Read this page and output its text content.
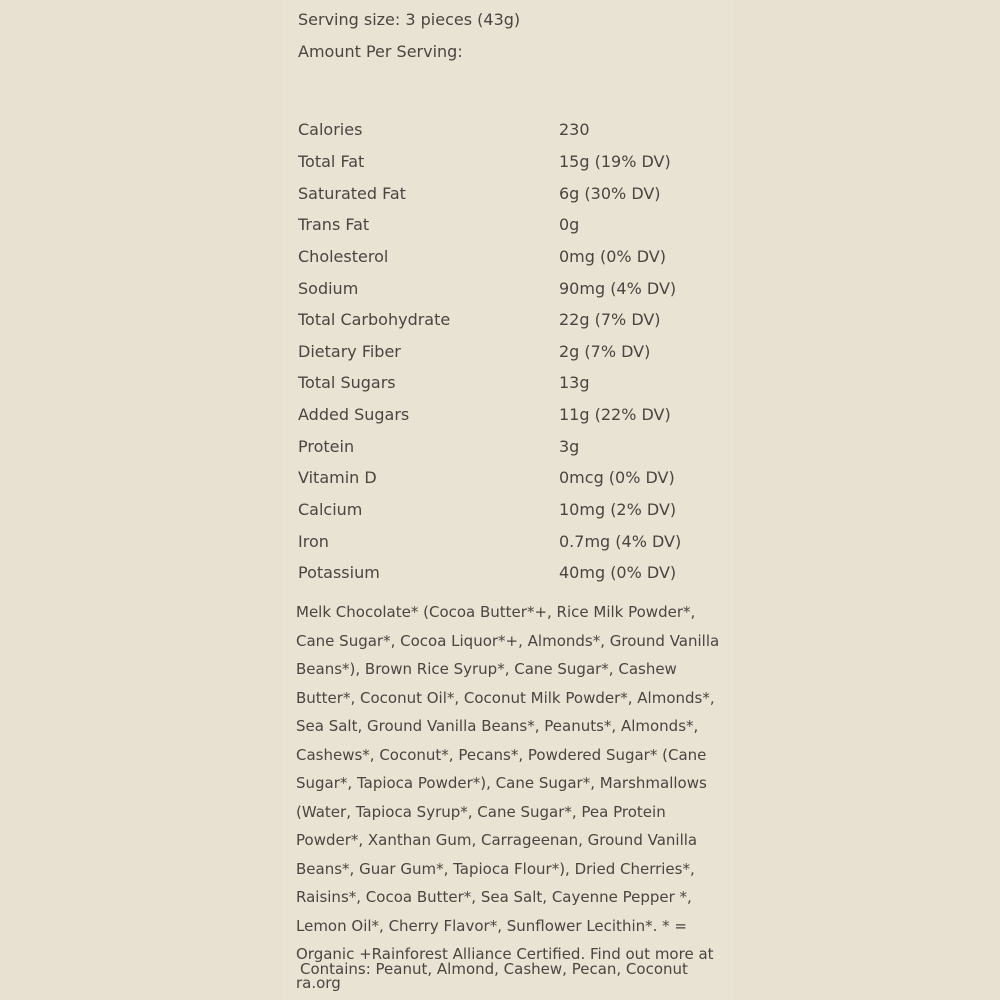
Serving size: 3 pieces (43g)
Amount Per Serving:
Calories	230
Total Fat	15g (19% DV)
Saturated Fat	6g (30% DV)
Trans Fat	0g
Cholesterol	0mg (0% DV)
Sodium	90mg (4% DV)
Total Carbohydrate	22g (7% DV)
Dietary Fiber	2g (7% DV)
Total Sugars	13g
Added Sugars	11g (22% DV)
Protein	3g
Vitamin D	0mcg (0% DV)
Calcium	10mg (2% DV)
Iron	0.7mg (4% DV)
Potassium	40mg (0% DV)
Melk Chocolate* (Cocoa Butter*+, Rice Milk Powder*, Cane Sugar*, Cocoa Liquor*+, Almonds*, Ground Vanilla Beans*), Brown Rice Syrup*, Cane Sugar*, Cashew Butter*, Coconut Oil*, Coconut Milk Powder*, Almonds*, Sea Salt, Ground Vanilla Beans*, Peanuts*, Almonds*, Cashews*, Coconut*, Pecans*, Powdered Sugar* (Cane Sugar*, Tapioca Powder*), Cane Sugar*, Marshmallows (Water, Tapioca Syrup*, Cane Sugar*, Pea Protein Powder*, Xanthan Gum, Carrageenan, Ground Vanilla Beans*, Guar Gum*, Tapioca Flour*), Dried Cherries*, Raisins*, Cocoa Butter*, Sea Salt, Cayenne Pepper *, Lemon Oil*, Cherry Flavor*, Sunflower Lecithin*. * = Organic +Rainforest Alliance Certified. Find out more at ra.org
Contains: Peanut, Almond, Cashew, Pecan, Coconut
